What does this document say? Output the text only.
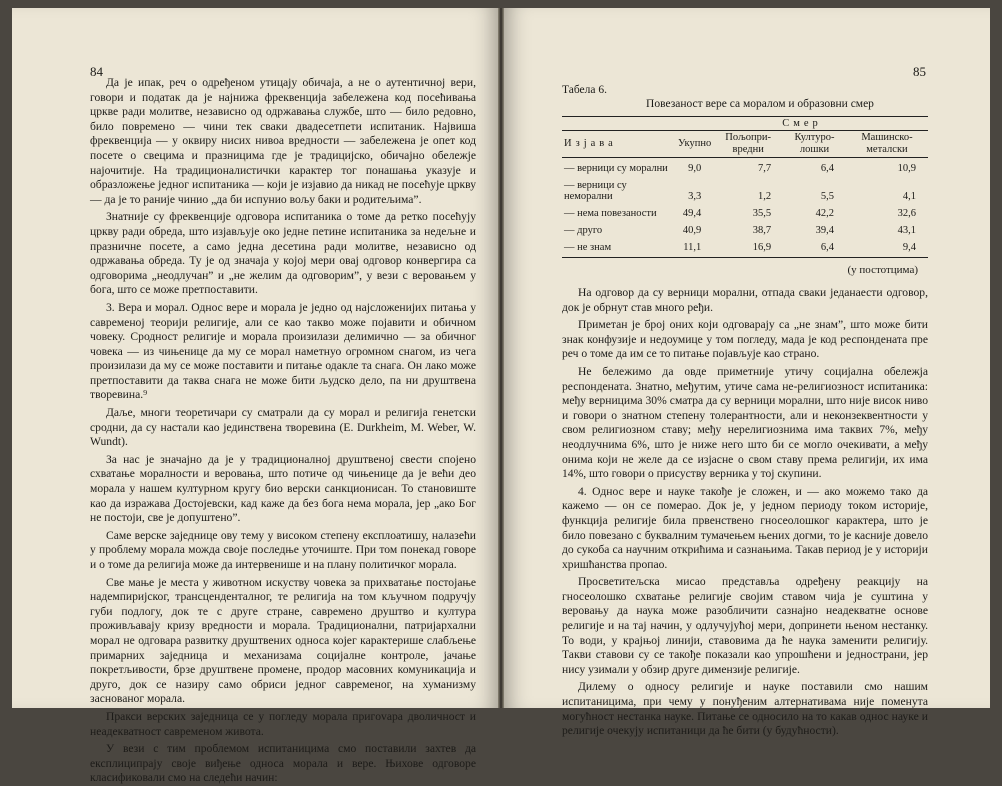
84

Да је ипак, реч о одређеном утицају обичаја, а не о аутентичној вери, говори и податак да је најнижа фреквенција забележена код посећивања цркве ради молитве, независно од одржавања службе, што — било редовно, било повремено — чини тек сваки двадесетпети испитаник. Највиша фреквенција — у оквиру нисих нивоа вредности — забележена је опет код посете о свецима и празницима где је традицијско, обичајно обележје најочитије. На традиционалистички карактер тог понашања указује и образложење једног испитаника — који је изјавио да никад не посећује цркву — да је то раније чинио „да би испунио вољу баки и родитељима”.

Знатније су фреквенције одговора испитаника о томе да ретко посећују цркву ради обреда, што изјављује око једне петине испитаника за недељне и празничне посете, а само једна десетина ради молитве, независно од одржавања обреда. Ту је од значаја у којој мери овај одговор конвергира са одговорима „неодлучан” и „не желим да одговорим”, у вези с веровањем у бога, што се може претпоставити.

3. Вера и морал. Однос вере и морала је једно од најсложенијих питања у савременој теорији религије, али се као такво може појавити и обичном човеку. Сродност религије и морала произилази делимично — за обичног човека — из чињенице да му се морал наметнуо огромном снагом, из чега произилази да му се може поставити и питање одакле та снага. Он лако може претпоставити да таква снага не може бити људско дело, па ни друштвена творевина.⁹

Даље, многи теоретичари су сматрали да су морал и религија генетски сродни, да су настали као јединствена творевина (E. Durkheim, M. Weber, W. Wundt).

За нас је значајно да је у традиционалној друштвеној свести спојено схватање моралности и веровања, што потиче од чињенице да је већи део морала у нашем културном кругу био верски санкционисан. То становиште као да изражава Достојевски, кад каже да без бога нема морала, јер „ако Бог не постоји, све је допуштено”.

Саме верске заједнице ову тему у високом степену експлоатишу, налазећи у проблему морала можда своје последње уточиште. При том понекад говоре и о томе да религија може да интервенише и на плану политичког морала.

Све мање је места у животном искуству човека за прихватање постојање надемпиријског, трансценденталног, те религија на том кључном подручју губи подлогу, док те с друге стране, савремено друштво и култура проживљавају кризу вредности и морала. Традиционални, патријархални морал не одговара развитку друштвених односа којег карактерише слабљење примарних заједница и механизама социјалне контроле, јачање покретљивости, брзе друштвене промене, продор масовних комуникација и друго, док се назиру само обриси једног савременог, на хуманизму заснованог морала.

Пракси верских заједница се у погледу морала пригovара дволичност и неадекватност савременом живота.

У вези с тим проблемом испитаницима смо поставили захтев да експлиципрају своје виђење односа морала и вере. Њихове одговоре класификовали смо на следећи начин:

85
Табела 6.
Повезаност вере са моралом и образовни смер
	Смер			
Изјава	Укупно	Пољопри-вредни	Културо-лошки	Машинско-металски
— верници су морални	9,0	7,7	6,4	10,9
— верници су неморални	3,3	1,2	5,5	4,1
— нема повезаности	49,4	35,5	42,2	32,6
— друго	40,9	38,7	39,4	43,1
— не знам	11,1	16,9	6,4	9,4
(у постотцима)

На одговор да су верници морални, отпада сваки једанаести одговор, док је обрнут став много ређи.

Приметан је број оних који одговарају са „не знам”, што може бити знак конфузије и недоумице у том погледу, мада је код респондената пре реч о томе да им се то питање појављује као страно.

Не бележимо да овде приметније утичу социјална обележја респондената. Знатно, међутим, утиче сама не-религиозност испитаника: међу верницима 30% сматра да су верници морални, што није висок ниво и говори о знатном степену толерантности, али и неконзеквентности у свом религиозном ставу; међу нерелигиознима има таквих 7%, међу неодлучнима 6%, што је ниже него што би се могло очекивати, а међу онима који не желе да се изјасне о свом ставу према религији, их има 14%, што говори о присуству верника у тој скупини.

4. Однос вере и науке такође је сложен, и — ако можемо тако да кажемо — он се померао. Док је, у једном периоду током историје, функција религије била првенствено гносеолошког карактера, што је било повезано с буквалним тумачењем њених догми, то је касније довело до сукоба са научним открићима и сазнањима. Такав период је у историји хришћанства пропао.

Просветитељска мисао представља одређену реакцију на гносеолошко схватање религије својим ставом чија је суштина у веровању да наука може разобличити сазнајно неадекватне основе религије и на тај начин, у одлучујућој мери, допринети њеном нестанку. То води, у крајњој линији, ставовима да ће наука заменити религију. Такви ставови су се такође показали као упрошћени и једнострани, јер нису узимали у обзир друге димензије религије.

Дилему о односу религије и науке поставили смо нашим испитаницима, при чему у понуђеним алтернативама није поменута могућност нестанка науке. Питање се односило на то какав однос науке и религије очекују испитаници да ће бити (у будућности).
